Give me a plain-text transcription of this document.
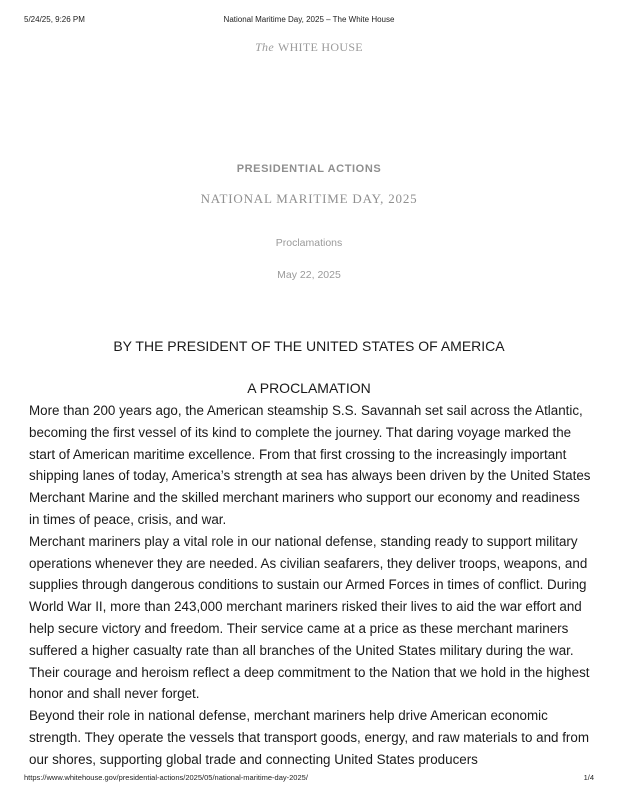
5/24/25, 9:26 PM	National Maritime Day, 2025 – The White House
The WHITE HOUSE
PRESIDENTIAL ACTIONS
NATIONAL MARITIME DAY, 2025
Proclamations
May 22, 2025
BY THE PRESIDENT OF THE UNITED STATES OF AMERICA
A PROCLAMATION

More than 200 years ago, the American steamship S.S. Savannah set sail across the Atlantic, becoming the first vessel of its kind to complete the journey. That daring voyage marked the start of American maritime excellence. From that first crossing to the increasingly important shipping lanes of today, America’s strength at sea has always been driven by the United States Merchant Marine and the skilled merchant mariners who support our economy and readiness in times of peace, crisis, and war.

Merchant mariners play a vital role in our national defense, standing ready to support military operations whenever they are needed. As civilian seafarers, they deliver troops, weapons, and supplies through dangerous conditions to sustain our Armed Forces in times of conflict. During World War II, more than 243,000 merchant mariners risked their lives to aid the war effort and help secure victory and freedom. Their service came at a price as these merchant mariners suffered a higher casualty rate than all branches of the United States military during the war. Their courage and heroism reflect a deep commitment to the Nation that we hold in the highest honor and shall never forget.

Beyond their role in national defense, merchant mariners help drive American economic strength. They operate the vessels that transport goods, energy, and raw materials to and from our shores, supporting global trade and connecting United States producers

https://www.whitehouse.gov/presidential-actions/2025/05/national-maritime-day-2025/	1/4
